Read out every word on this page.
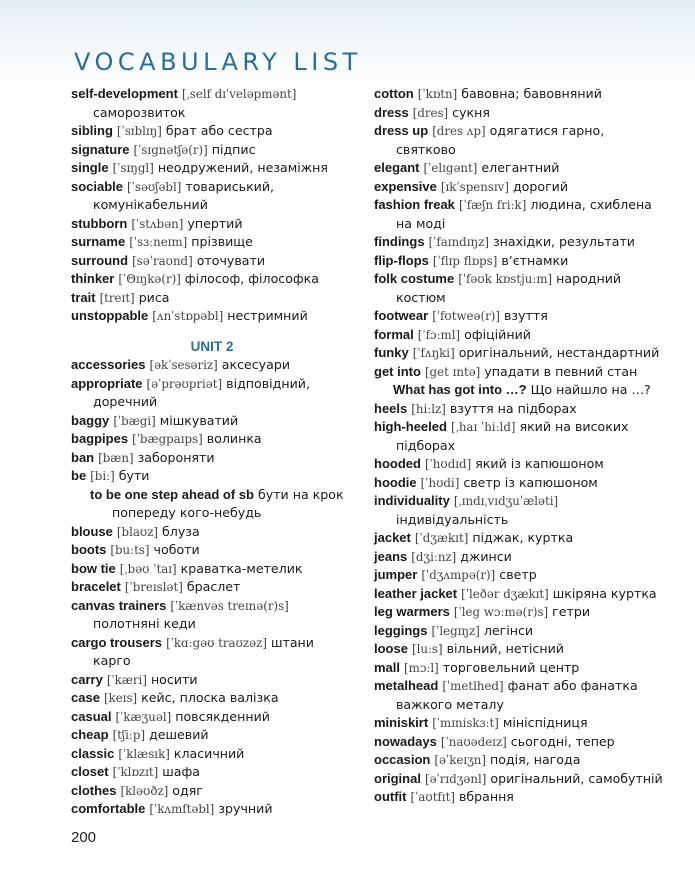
VOCABULARY LIST
self-development [ˌself dɪˈveləpmənt] саморозвиток
sibling [ˈsɪblɪŋ] брат або сестра
signature [ˈsɪgnətʃə(r)] підпис
single [ˈsɪŋgl] неодружений, незаміжня
sociable [ˈsəʊʃəbl] товариський, комунікабельний
stubborn [ˈstʌbən] упертий
surname [ˈsɜːneɪm] прізвище
surround [səˈraʊnd] оточувати
thinker [ˈΘɪŋkə(r)] філософ, філософка
trait [treɪt] риса
unstoppable [ʌnˈstɒpəbl] нестримний
UNIT 2
accessories [əkˈsesəriz] аксесуари
appropriate [əˈprəʊpriət] відповідний, доречний
baggy [ˈbægi] мішкуватий
bagpipes [ˈbægpaɪps] волинка
ban [bæn] забороняти
be [biː] бути
to be one step ahead of sb бути на крок попереду кого-небудь
blouse [blaʊz] блуза
boots [buːts] чоботи
bow tie [ˌbəʊ ˈtaɪ] краватка-метелик
bracelet [ˈbreɪslət] браслет
canvas trainers [ˈkænvəs treɪnə(r)s] полотняні кеди
cargo trousers [ˈkɑːgəʊ traʊzəz] штани карго
carry [ˈkæri] носити
case [keɪs] кейс, плоска валізка
casual [ˈkæʒuəl] повсякденний
cheap [tʃiːp] дешевий
classic [ˈklæsɪk] класичний
closet [ˈklɒzɪt] шафа
clothes [kləʊðz] одяг
comfortable [ˈkʌmftəbl] зручний
cotton [ˈkɒtn] бавовна; бавовняний
dress [dres] сукня
dress up [dres ʌp] одягатися гарно, святково
elegant [ˈelɪgənt] елегантний
expensive [ɪkˈspensɪv] дорогий
fashion freak [ˈfæʃn friːk] людина, схиблена на моді
findings [ˈfaɪndɪŋz] знахідки, результати
flip-flops [ˈflɪp flɒps] вʼєтнамки
folk costume [ˈfəʊk kɒstjuːm] народний костюм
footwear [ˈfʊtweə(r)] взуття
formal [ˈfɔːml] офіційний
funky [ˈfʌŋki] оригінальний, нестандартний
get into [get ɪntə] упадати в певний стан
What has got into …? Що найшло на …?
heels [hiːlz] взуття на підборах
high-heeled [ˌhaɪ ˈhiːld] який на високих підборах
hooded [ˈhʊdɪd] який із капюшоном
hoodie [ˈhʊdi] светр із капюшоном
individuality [ˌɪndɪˌvɪdʒuˈæləti] індивідуальність
jacket [ˈdʒækɪt] піджак, куртка
jeans [dʒiːnz] джинси
jumper [ˈdʒʌmpə(r)] светр
leather jacket [ˈleðər dʒækɪt] шкіряна куртка
leg warmers [ˈleg wɔːmə(r)s] гетри
leggings [ˈlegɪŋz] легінси
loose [luːs] вільний, нетісний
mall [mɔːl] торговельний центр
metalhead [ˈmetlhed] фанат або фанатка важкого металу
miniskirt [ˈmɪniskɜːt] мініспідниця
nowadays [ˈnaʊədeɪz] сьогодні, тепер
occasion [əˈkeɪʒn] подія, нагода
original [əˈrɪdʒənl] оригінальний, самобутній
outfit [ˈaʊtfɪt] вбрання
200
